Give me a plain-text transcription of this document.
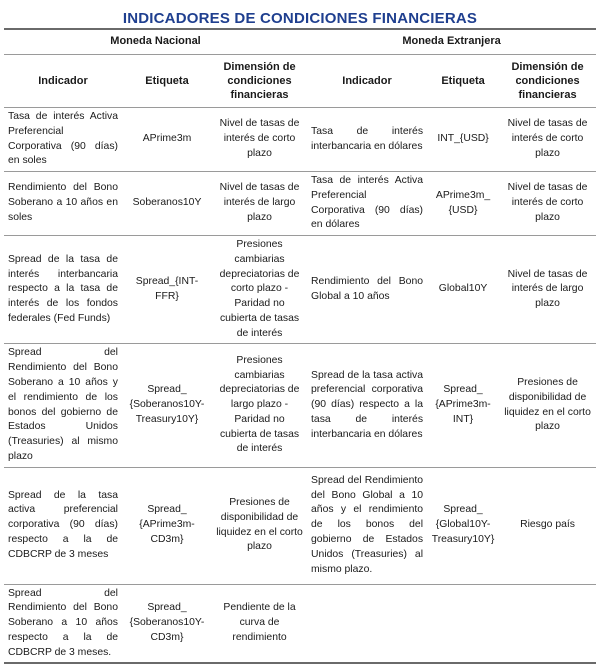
INDICADORES DE CONDICIONES FINANCIERAS
Moneda Nacional			Moneda Extranjera		
Indicador	Etiqueta	Dimensión de condiciones financieras	Indicador	Etiqueta	Dimensión de condiciones financieras
Tasa de interés Activa Preferencial Corporativa (90 días) en soles	APrime3m	Nivel de tasas de interés de corto plazo	Tasa de interés interbancaria en dólares	INT_{USD}	Nivel de tasas de interés de corto plazo
Rendimiento del Bono Soberano a 10 años en soles	Soberanos10Y	Nivel de tasas de interés de largo plazo	Tasa de interés Activa Preferencial Corporativa (90 días) en dólares	APrime3m_ {USD}	Nivel de tasas de interés de corto plazo
Spread de la tasa de interés interbancaria respecto a la tasa de interés de los fondos federales (Fed Funds)	Spread_{INT-FFR}	Presiones cambiarias depreciatorias de corto plazo - Paridad no cubierta de tasas de interés	Rendimiento del Bono Global a 10 años	Global10Y	Nivel de tasas de interés de largo plazo
Spread del Rendimiento del Bono Soberano a 10 años y el rendimiento de los bonos del gobierno de Estados Unidos (Treasuries) al mismo plazo	Spread_ {Soberanos10Y-Treasury10Y}	Presiones cambiarias depreciatorias de largo plazo - Paridad no cubierta de tasas de interés	Spread de la tasa activa preferencial corporativa (90 días) respecto a la tasa de interés interbancaria en dólares	Spread_ {APrime3m-INT}	Presiones de disponibilidad de liquidez en el corto plazo
Spread de la tasa activa preferencial corporativa (90 días) respecto a la de CDBCRP de 3 meses	Spread_ {APrime3m-CD3m}	Presiones de disponibilidad de liquidez en el corto plazo	Spread del Rendimiento del Bono Global a 10 años y el rendimiento de los bonos del gobierno de Estados Unidos (Treasuries) al mismo plazo.	Spread_ {Global10Y-Treasury10Y}	Riesgo país
Spread del Rendimiento del Bono Soberano a 10 años respecto a la de CDBCRP de 3 meses.	Spread_ {Soberanos10Y-CD3m}	Pendiente de la curva de rendimiento			
